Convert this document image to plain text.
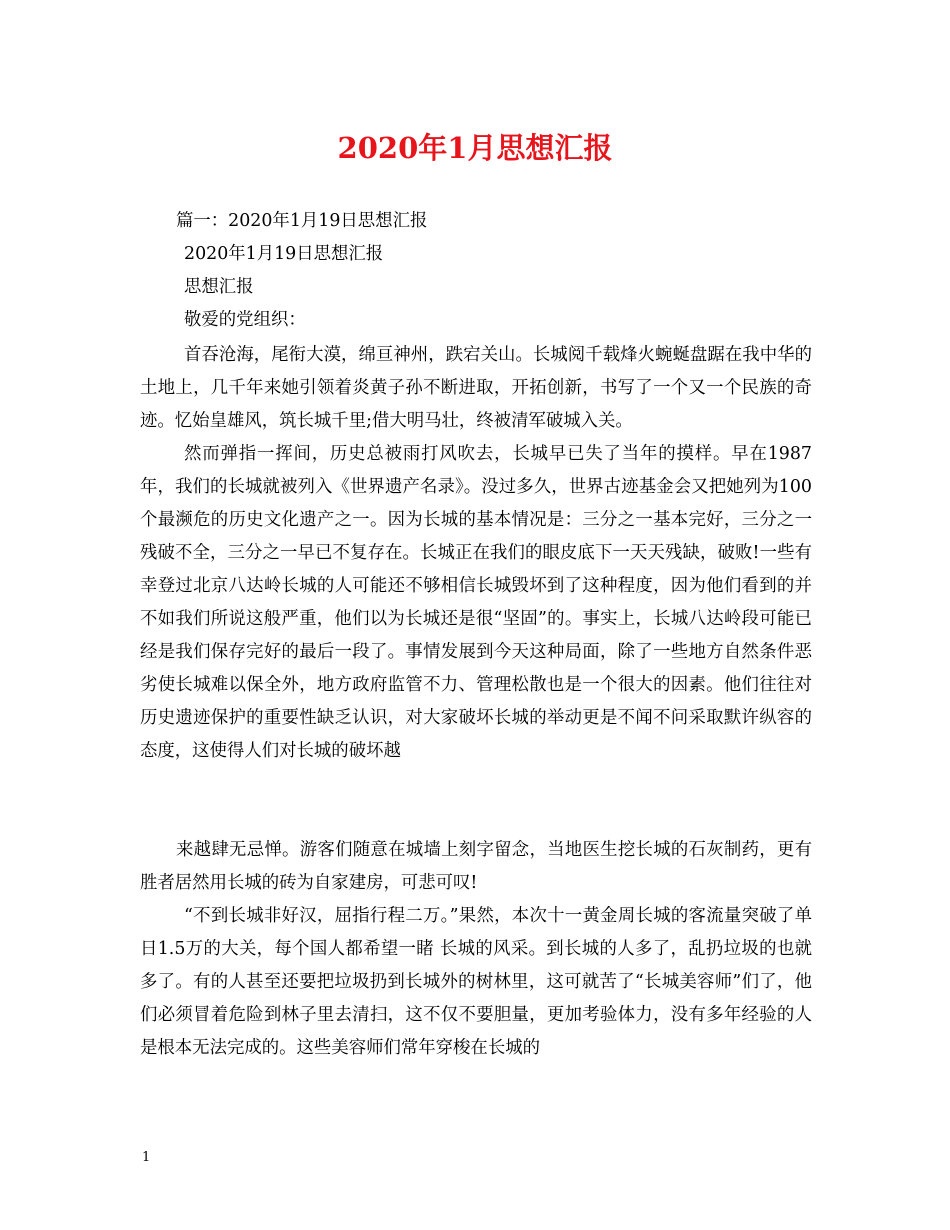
2020年1月思想汇报
篇一：2020年1月19日思想汇报
2020年1月19日思想汇报
思想汇报
敬爱的党组织：
首吞沧海，尾衔大漠，绵亘神州，跌宕关山。长城阅千载烽火蜿蜒盘踞在我中华的土地上，几千年来她引领着炎黄子孙不断进取，开拓创新，书写了一个又一个民族的奇迹。忆始皇雄风，筑长城千里;借大明马壮，终被清军破城入关。
然而弹指一挥间，历史总被雨打风吹去，长城早已失了当年的摸样。早在1987年，我们的长城就被列入《世界遗产名录》。没过多久，世界古迹基金会又把她列为100个最濒危的历史文化遗产之一。因为长城的基本情况是：三分之一基本完好，三分之一残破不全，三分之一早已不复存在。长城正在我们的眼皮底下一天天残缺，破败!一些有幸登过北京八达岭长城的人可能还不够相信长城毁坏到了这种程度，因为他们看到的并不如我们所说这般严重，他们以为长城还是很“坚固”的。事实上，长城八达岭段可能已经是我们保存完好的最后一段了。事情发展到今天这种局面，除了一些地方自然条件恶劣使长城难以保全外，地方政府监管不力、管理松散也是一个很大的因素。他们往往对历史遗迹保护的重要性缺乏认识，对大家破坏长城的举动更是不闻不问采取默许纵容的态度，这使得人们对长城的破坏越
来越肆无忌惮。游客们随意在城墙上刻字留念，当地医生挖长城的石灰制药，更有胜者居然用长城的砖为自家建房，可悲可叹!
“不到长城非好汉，屈指行程二万。”果然，本次十一黄金周长城的客流量突破了单日1.5万的大关，每个国人都希望一睹 长城的风采。到长城的人多了，乱扔垃圾的也就多了。有的人甚至还要把垃圾扔到长城外的树林里，这可就苦了“长城美容师”们了，他们必须冒着危险到林子里去清扫，这不仅不要胆量，更加考验体力，没有多年经验的人是根本无法完成的。这些美容师们常年穿梭在长城的
1
